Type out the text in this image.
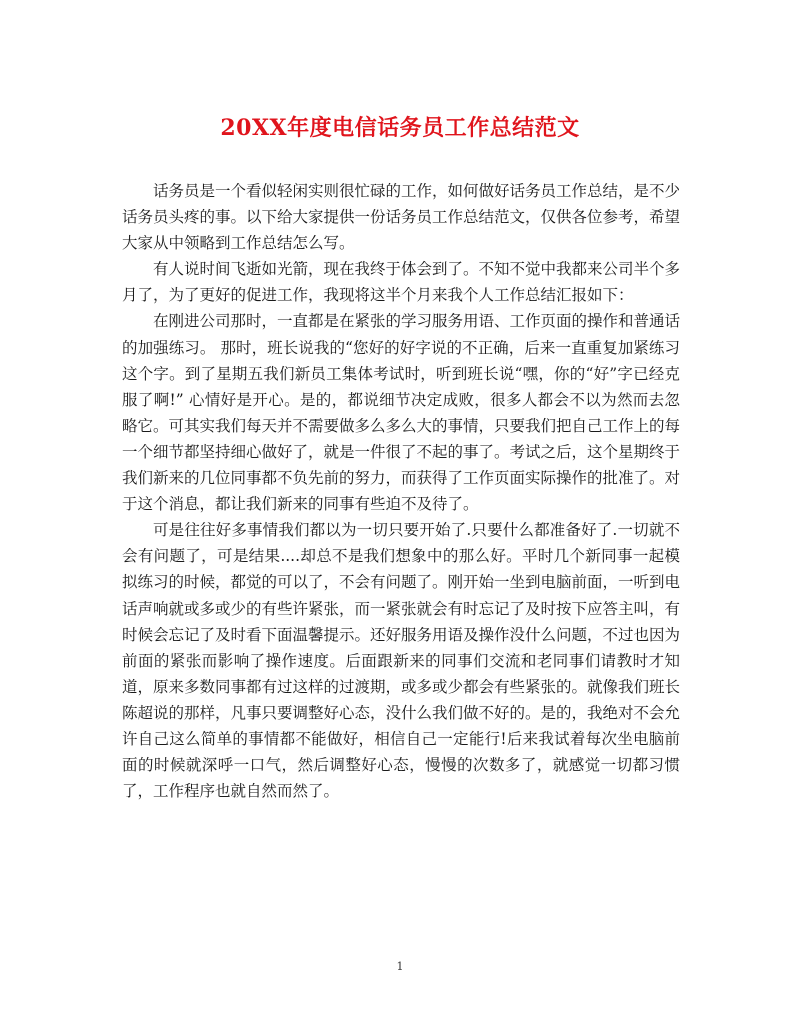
20XX年度电信话务员工作总结范文

话务员是一个看似轻闲实则很忙碌的工作，如何做好话务员工作总结，是不少话务员头疼的事。以下给大家提供一份话务员工作总结范文，仅供各位参考，希望大家从中领略到工作总结怎么写。

有人说时间飞逝如光箭，现在我终于体会到了。不知不觉中我都来公司半个多月了，为了更好的促进工作，我现将这半个月来我个人工作总结汇报如下：

在刚进公司那时，一直都是在紧张的学习服务用语、工作页面的操作和普通话的加强练习。 那时，班长说我的“您好的好字说的不正确，后来一直重复加紧练习这个字。到了星期五我们新员工集体考试时，听到班长说“嘿，你的“好”字已经克服了啊!” 心情好是开心。是的，都说细节决定成败，很多人都会不以为然而去忽略它。可其实我们每天并不需要做多么多么大的事情，只要我们把自己工作上的每一个细节都坚持细心做好了，就是一件很了不起的事了。考试之后，这个星期终于我们新来的几位同事都不负先前的努力，而获得了工作页面实际操作的批准了。对于这个消息，都让我们新来的同事有些迫不及待了。

可是往往好多事情我们都以为一切只要开始了.只要什么都准备好了.一切就不会有问题了，可是结果....却总不是我们想象中的那么好。平时几个新同事一起模拟练习的时候，都觉的可以了，不会有问题了。刚开始一坐到电脑前面，一听到电话声响就或多或少的有些许紧张，而一紧张就会有时忘记了及时按下应答主叫，有时候会忘记了及时看下面温馨提示。还好服务用语及操作没什么问题，不过也因为前面的紧张而影响了操作速度。后面跟新来的同事们交流和老同事们请教时才知道，原来多数同事都有过这样的过渡期，或多或少都会有些紧张的。就像我们班长陈超说的那样，凡事只要调整好心态，没什么我们做不好的。是的，我绝对不会允许自己这么简单的事情都不能做好，相信自己一定能行!后来我试着每次坐电脑前面的时候就深呼一口气，然后调整好心态，慢慢的次数多了，就感觉一切都习惯了，工作程序也就自然而然了。

1
